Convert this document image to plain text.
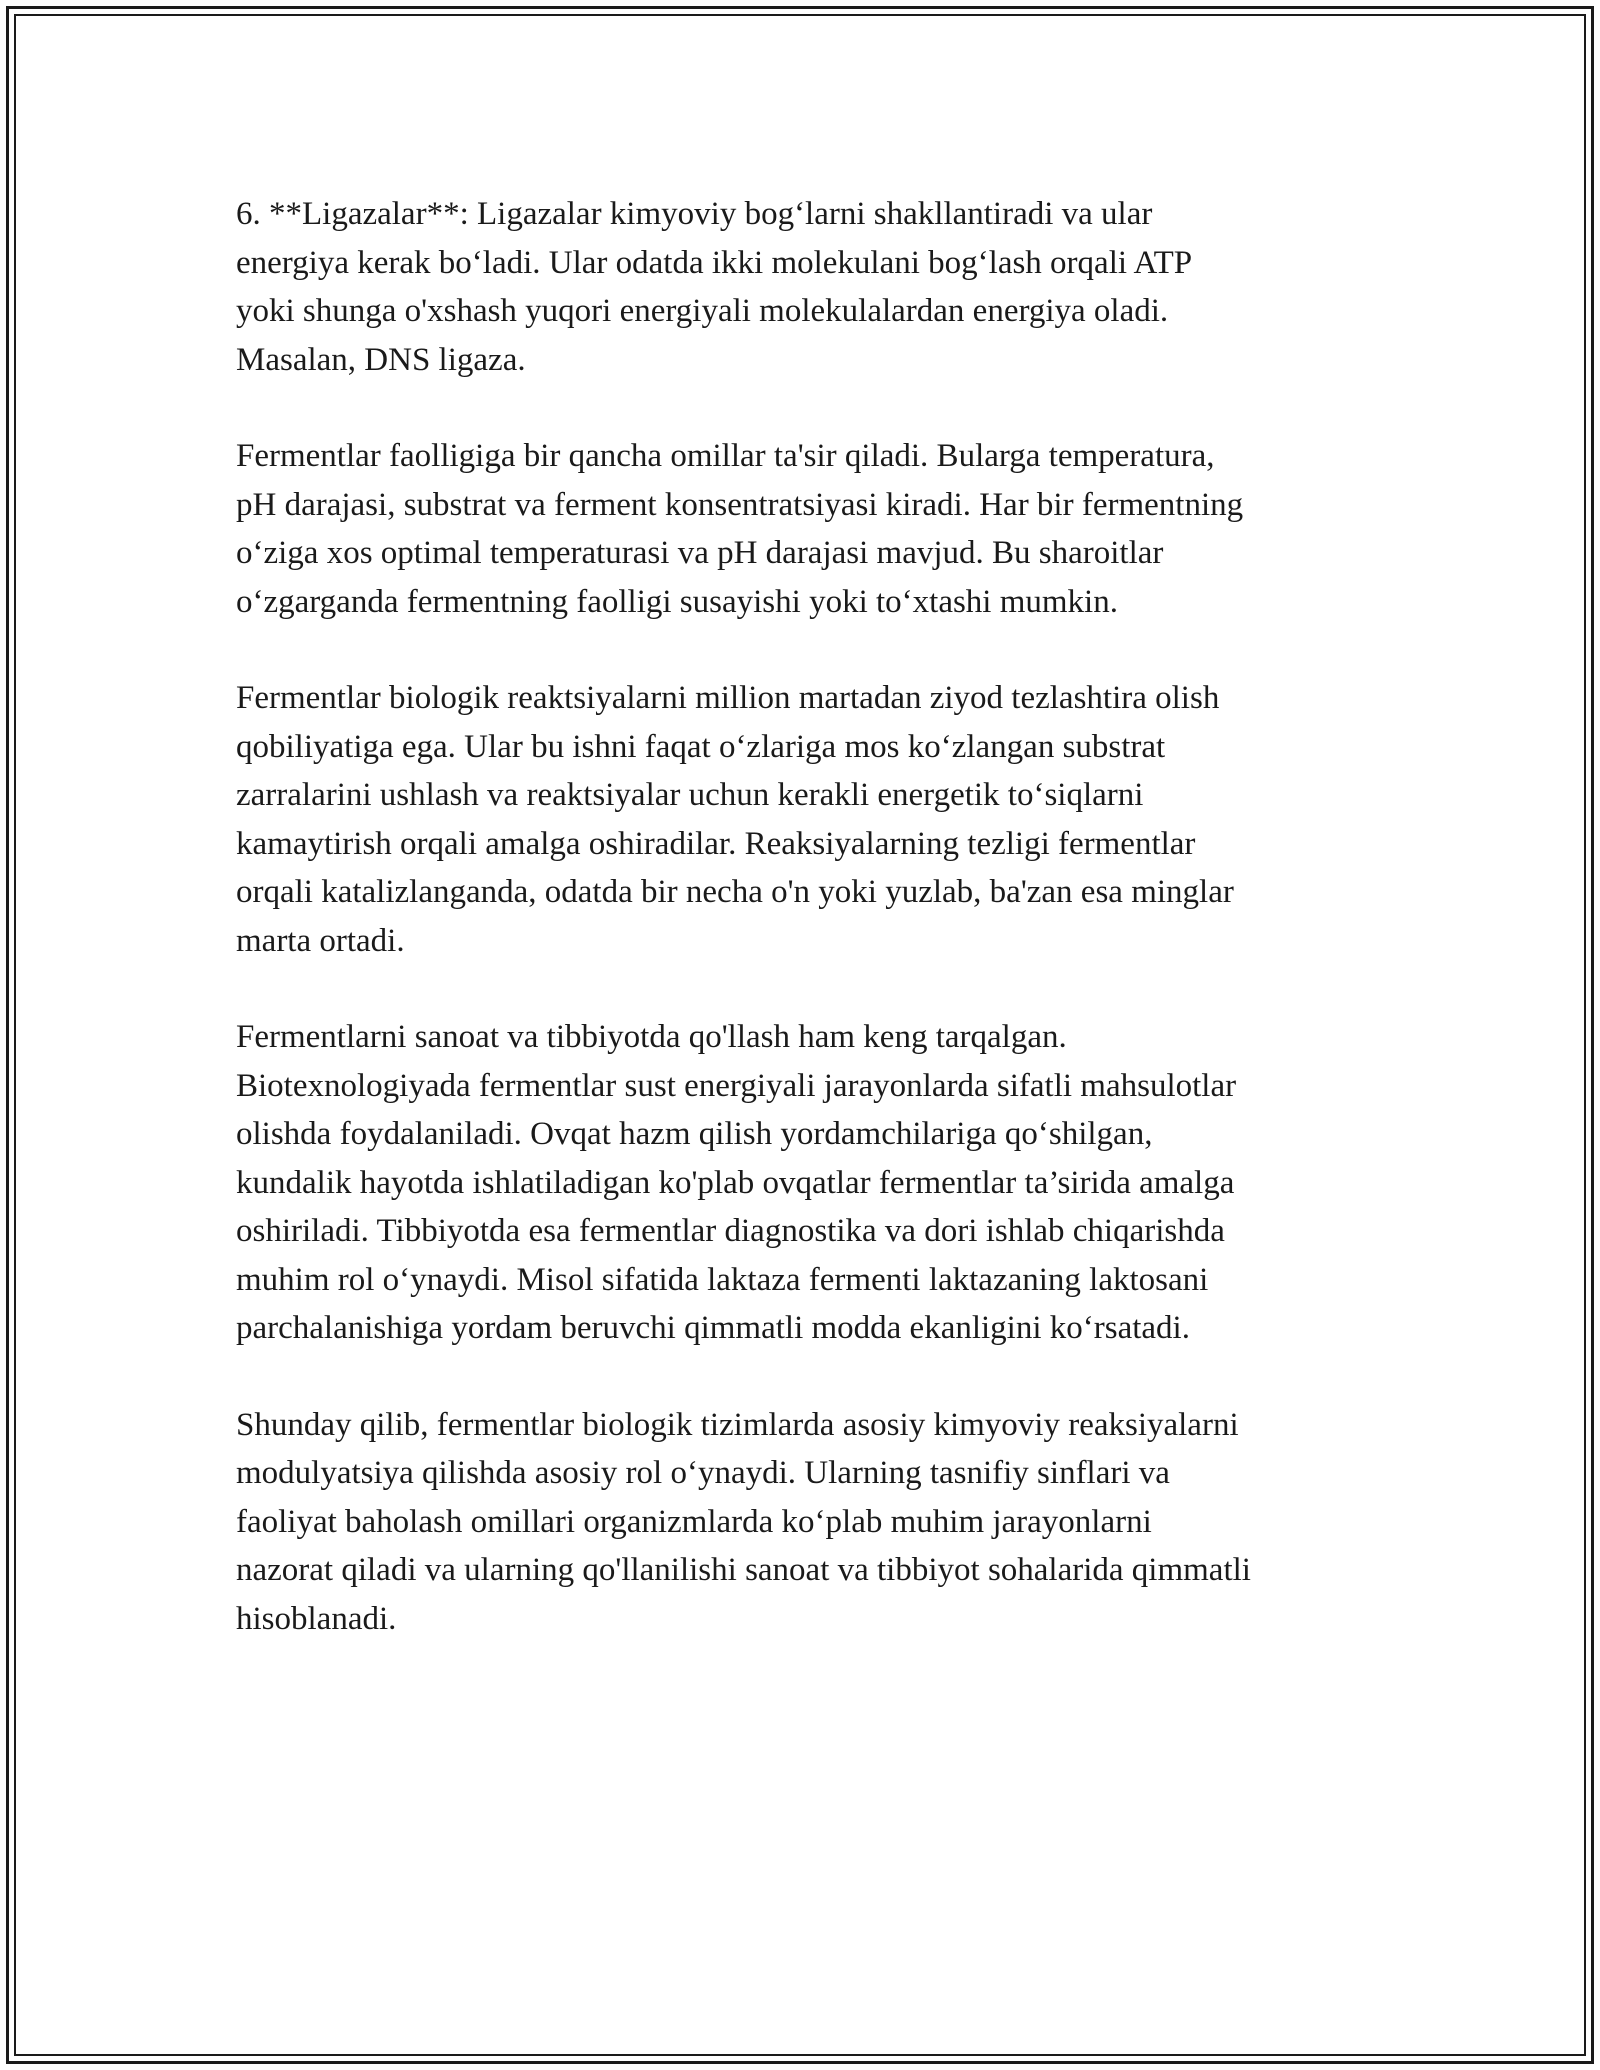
6. **Ligazalar**: Ligazalar kimyoviy bog‘larni shakllantiradi va ular
energiya kerak bo‘ladi. Ular odatda ikki molekulani bog‘lash orqali ATP
yoki shunga o'xshash yuqori energiyali molekulalardan energiya oladi.
Masalan, DNS ligaza.

Fermentlar faolligiga bir qancha omillar ta'sir qiladi. Bularga temperatura,
pH darajasi, substrat va ferment konsentratsiyasi kiradi. Har bir fermentning
o‘ziga xos optimal temperaturasi va pH darajasi mavjud. Bu sharoitlar
o‘zgarganda fermentning faolligi susayishi yoki to‘xtashi mumkin.

Fermentlar biologik reaktsiyalarni million martadan ziyod tezlashtira olish
qobiliyatiga ega. Ular bu ishni faqat o‘zlariga mos ko‘zlangan substrat
zarralarini ushlash va reaktsiyalar uchun kerakli energetik to‘siqlarni
kamaytirish orqali amalga oshiradilar. Reaksiyalarning tezligi fermentlar
orqali katalizlanganda, odatda bir necha o'n yoki yuzlab, ba'zan esa minglar
marta ortadi.

Fermentlarni sanoat va tibbiyotda qo'llash ham keng tarqalgan.
Biotexnologiyada fermentlar sust energiyali jarayonlarda sifatli mahsulotlar
olishda foydalaniladi. Ovqat hazm qilish yordamchilariga qo‘shilgan,
kundalik hayotda ishlatiladigan ko'plab ovqatlar fermentlar ta’sirida amalga
oshiriladi. Tibbiyotda esa fermentlar diagnostika va dori ishlab chiqarishda
muhim rol o‘ynaydi. Misol sifatida laktaza fermenti laktazaning laktosani
parchalanishiga yordam beruvchi qimmatli modda ekanligini ko‘rsatadi.

Shunday qilib, fermentlar biologik tizimlarda asosiy kimyoviy reaksiyalarni
modulyatsiya qilishda asosiy rol o‘ynaydi. Ularning tasnifiy sinflari va
faoliyat baholash omillari organizmlarda ko‘plab muhim jarayonlarni
nazorat qiladi va ularning qo'llanilishi sanoat va tibbiyot sohalarida qimmatli
hisoblanadi.
